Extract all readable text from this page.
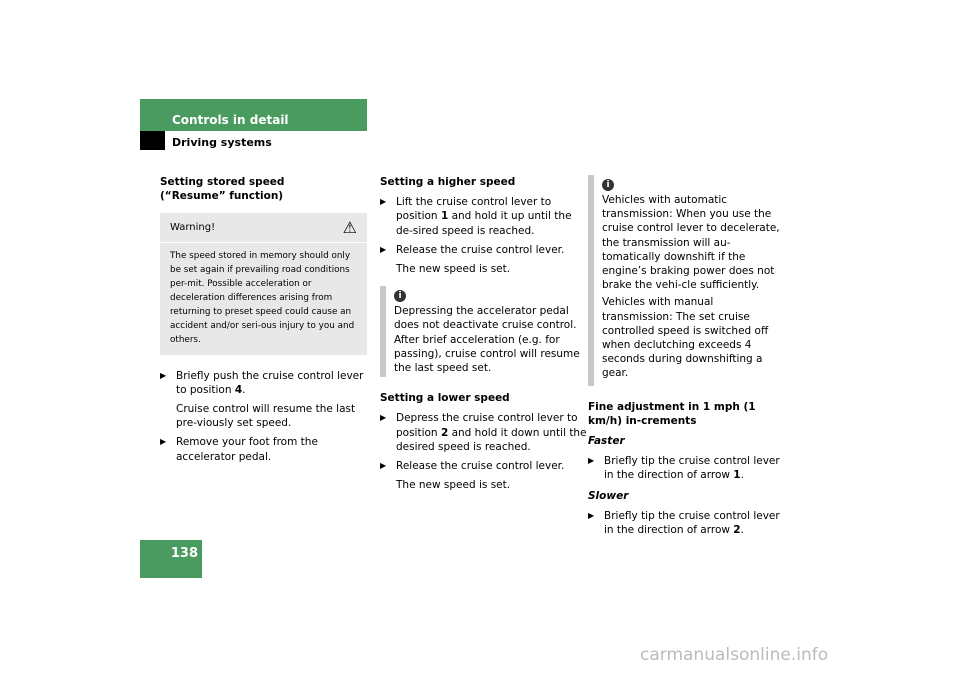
Controls in detail
Driving systems
Setting stored speed
(“Resume” function)
Warning!	⚠
The speed stored in memory should only be set again if prevailing road conditions per-mit. Possible acceleration or deceleration differences arising from returning to preset speed could cause an accident and/or seri-ous injury to you and others.
▶ Briefly push the cruise control lever to position 4.
Cruise control will resume the last pre-viously set speed.
▶ Remove your foot from the accelerator pedal.
Setting a higher speed
▶ Lift the cruise control lever to position 1 and hold it up until the de-sired speed is reached.
▶ Release the cruise control lever.
The new speed is set.
i
Depressing the accelerator pedal does not deactivate cruise control. After brief acceleration (e.g. for passing), cruise control will resume the last speed set.
Setting a lower speed
▶ Depress the cruise control lever to position 2 and hold it down until the desired speed is reached.
▶ Release the cruise control lever.
The new speed is set.
i
Vehicles with automatic transmission: When you use the cruise control lever to decelerate, the transmission will au-tomatically downshift if the engine’s braking power does not brake the vehi-cle sufficiently.
Vehicles with manual transmission: The set cruise controlled speed is switched off when declutching exceeds 4 seconds during downshifting a gear.
Fine adjustment in 1 mph (1 km/h) in-crements
Faster
▶ Briefly tip the cruise control lever in the direction of arrow 1.
Slower
▶ Briefly tip the cruise control lever in the direction of arrow 2.
138
carmanualsonline.info
